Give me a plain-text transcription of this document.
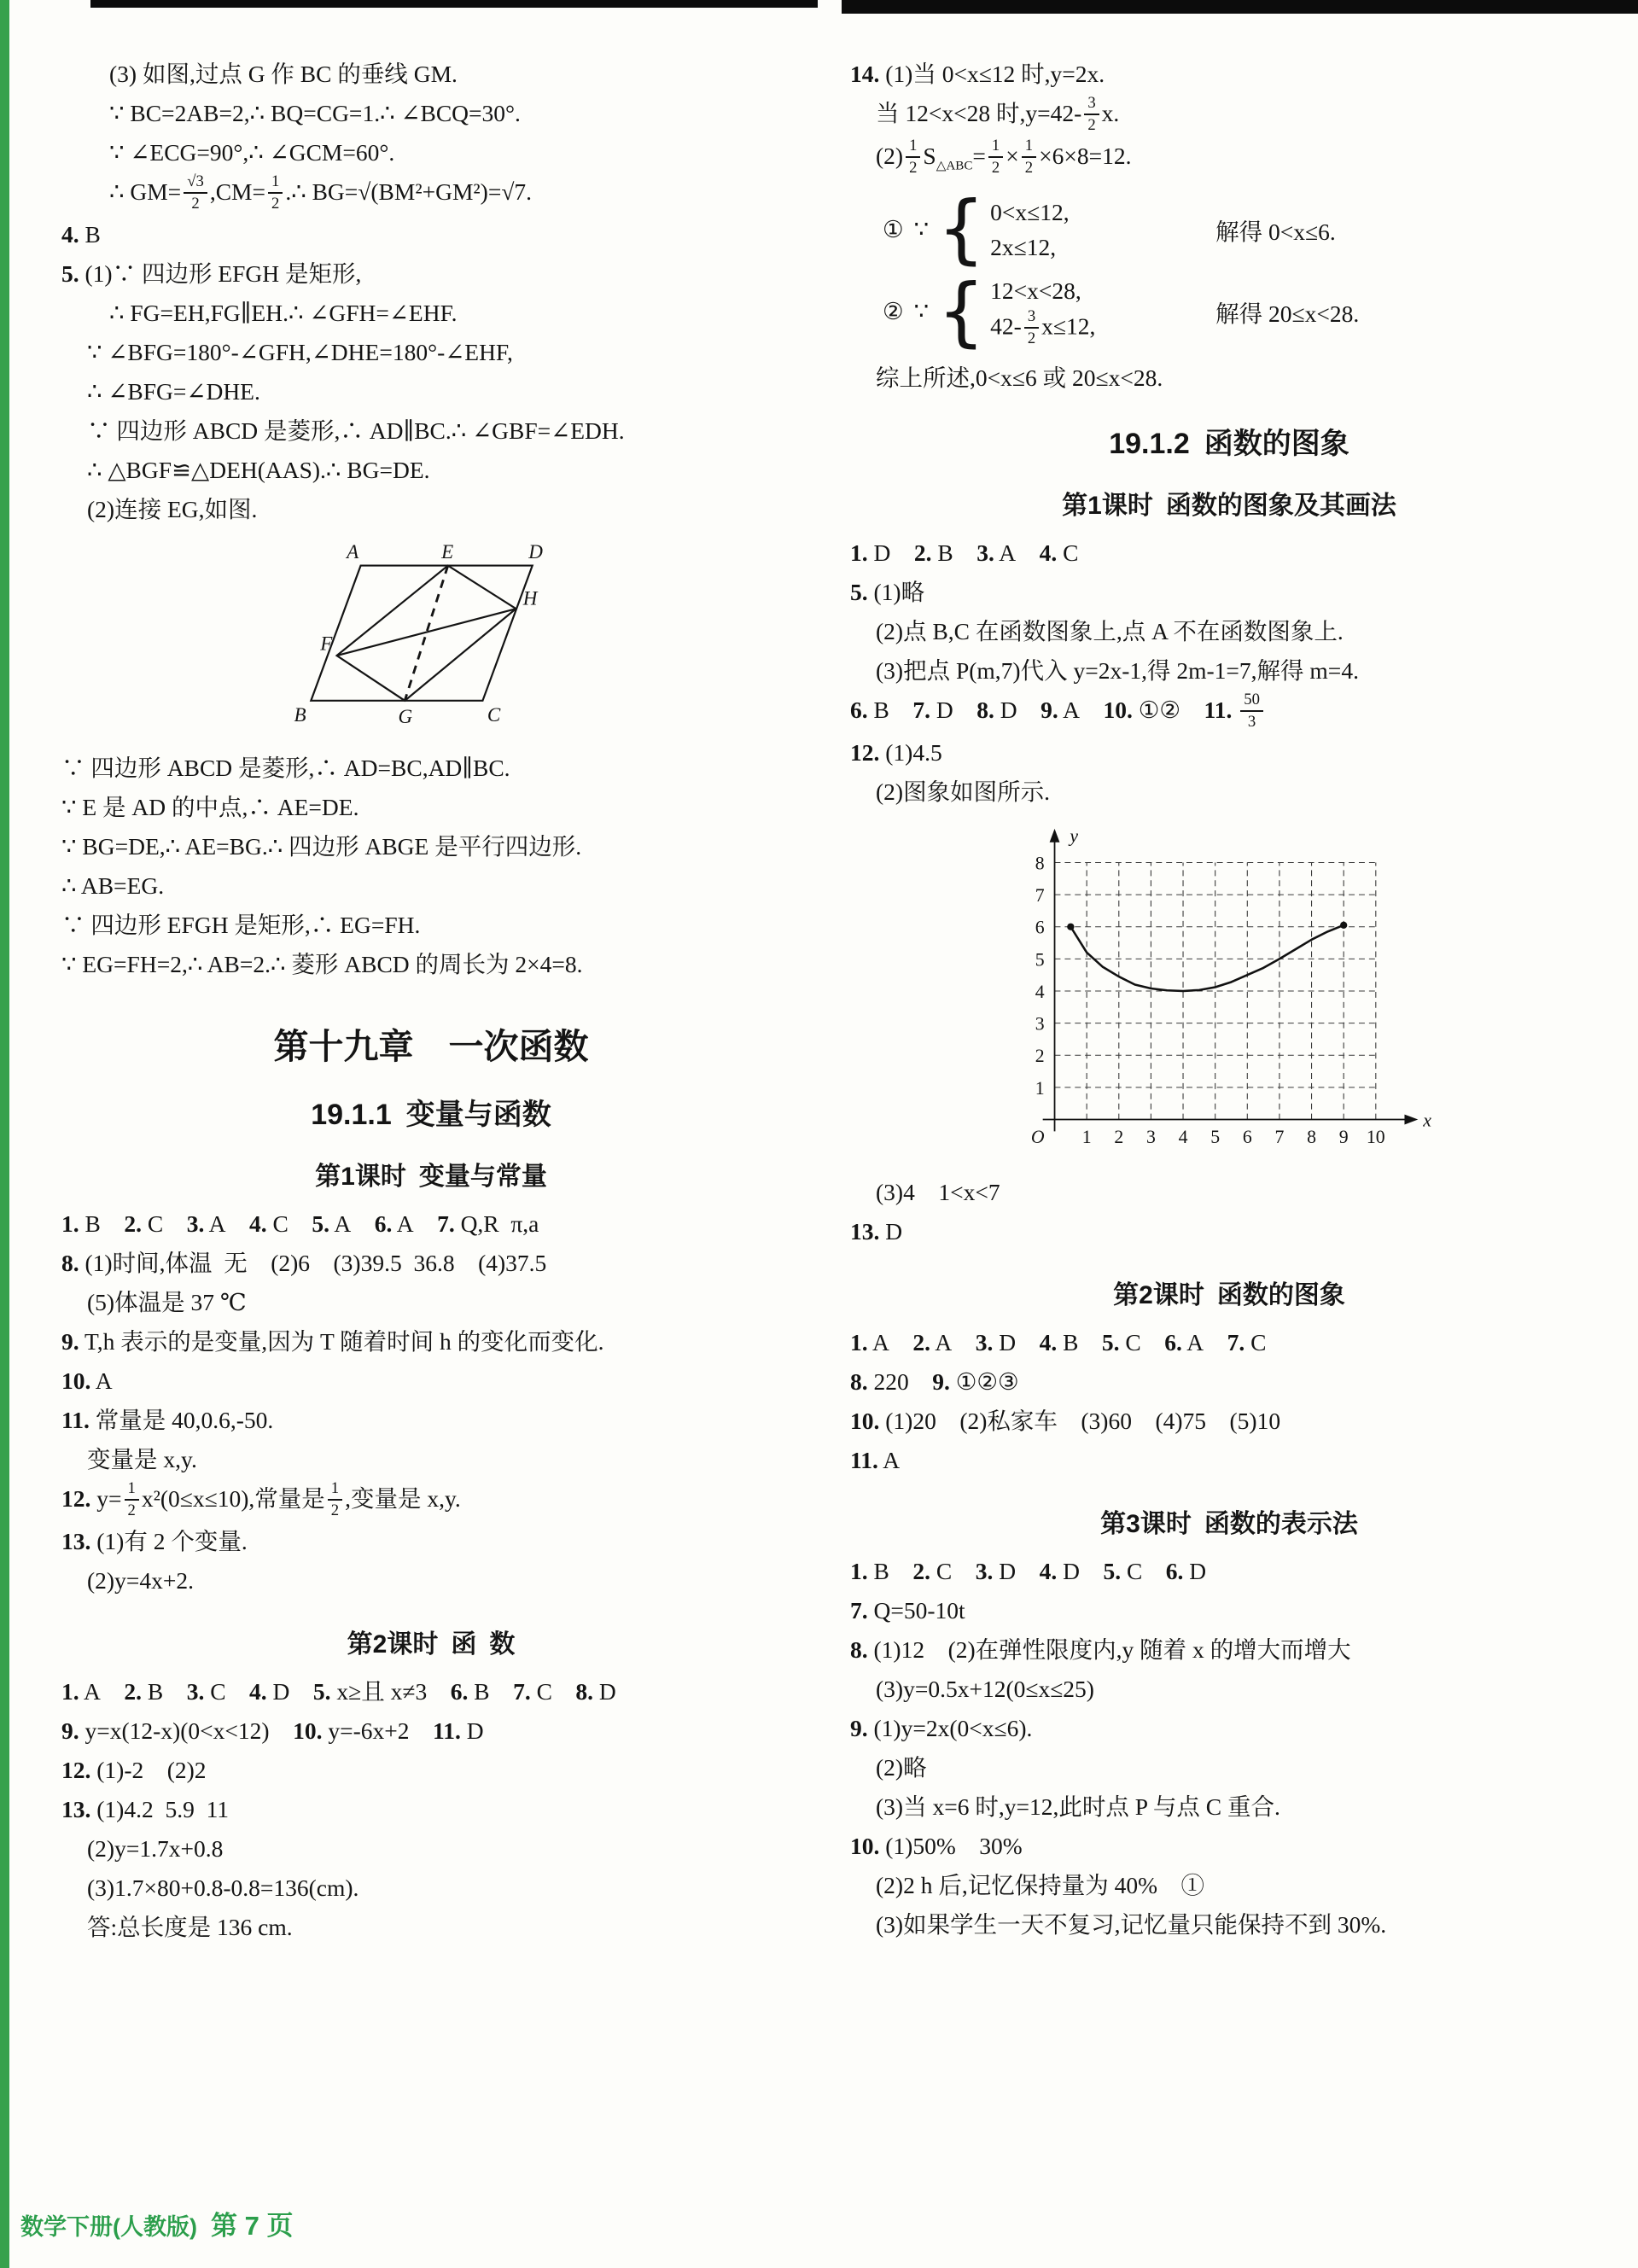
(3) 如图,过点 G 作 BC 的垂线 GM.
∵ BC=2AB=2,∴ BQ=CG=1.∴ ∠BCQ=30°.
∵ ∠ECG=90°,∴ ∠GCM=60°.
∴ $GM= \frac{√3}{2} ,CM= \frac{1}{2}$ .∴ BG=√(BM²+GM²)=√7.
4. B
5. (1)∵ 四边形 EFGH 是矩形,
∴ FG=EH,FG∥EH.∴ ∠GFH=∠EHF.
∵ ∠BFG=180°-∠GFH,∠DHE=180°-∠EHF,
∴ ∠BFG=∠DHE.
∵ 四边形 ABCD 是菱形,∴ AD∥BC.∴ ∠GBF=∠EDH.
∴ △BGF≌△DEH(AAS).∴ BG=DE.
(2)连接 EG,如图.
A	E	D
H
F
B	G	C
∵ 四边形 ABCD 是菱形,∴ AD=BC,AD∥BC.
∵ E 是 AD 的中点,∴ AE=DE.
∵ BG=DE,∴ AE=BG.∴ 四边形 ABGE 是平行四边形.
∴ AB=EG.
∵ 四边形 EFGH 是矩形,∴ EG=FH.
∵ EG=FH=2,∴ AB=2.∴ 菱形 ABCD 的周长为 2×4=8.
第十九章 一次函数
19.1.1 变量与函数
第1课时 变量与常量
1. B 2. C 3. A 4. C 5. A 6. A 7. Q,R π,a
8. (1)时间,体温 无 (2)6 (3)39.5 36.8 (4)37.5
(5)体温是 37 ℃
9. T,h 表示的是变量,因为 T 随着时间 h 的变化而变化.
10. A
11. 常量是 40,0.6,-50.
变量是 x,y.
12. $y= \frac{1}{2} x^2(0\le x\le 10)$,常量是 $\frac{1}{2}$ ,变量是 x,y.
13. (1)有 2 个变量.
(2)y=4x+2.
第2课时 函 数
1. A 2. B 3. C 4. D 5. x≥且 x≠3 6. B 7. C 8. D
9. y=x(12-x)(0<x<12) 10. y=-6x+2 11. D
12. (1)-2 (2)2
13. (1)4.2 5.9 11
(2)y=1.7x+0.8
(3)1.7×80+0.8-0.8=136(cm).
答:总长度是 136 cm.
14. (1)当 0<x≤12 时,y=2x.
当 12<x<28 时$,y=42- \frac{3}{2} x$.
$(2) \frac{1}{2} S_{\triangle ABC}= \frac{1}{2} \times \frac{1}{2} \times 6\times 8=12$.
① ∵ { 0<x≤12,
2x≤12,
解得 0<x≤6.
② ∵ { 12<x<28,
$42- \frac{3}{2} x\le 12$,	解得 20≤x<28.
综上所述,0<x≤6 或 20≤x<28.
19.1.2 函数的图象
第1课时 函数的图象及其画法
1. D 2. B 3. A 4. C
5. (1)略
(2)点 B,C 在函数图象上,点 A 不在函数图象上.
(3)把点 P(m,7)代入 y=2x-1,得 2m-1=7,解得 m=4.
6. B 7. D 8. D 9. A 10. ①② 11. $\frac{50}{3}$
12. (1)4.5
(2)图象如图所示.
1 2 3 4 5 6 7 8 9 10
1
2
3
4
5
6
7
8
O
x
y
(3)4 1<x<7
13. D
第2课时 函数的图象
1. A 2. A 3. D 4. B 5. C 6. A 7. C
8. 220 9. ①②③
10. (1)20 (2)私家车 (3)60 (4)75 (5)10
11. A
第3课时 函数的表示法
1. B 2. C 3. D 4. D 5. C 6. D
7. Q=50-10t
8. (1)12 (2)在弹性限度内,y 随着 x 的增大而增大
(3)y=0.5x+12(0≤x≤25)
9. (1)y=2x(0<x≤6).
(2)略
(3)当 x=6 时,y=12,此时点 P 与点 C 重合.
10. (1)50% 30%
(2)2 h 后,记忆保持量为 40% ①
(3)如果学生一天不复习,记忆量只能保持不到 30%.
数学下册(人教版) 第 7 页
